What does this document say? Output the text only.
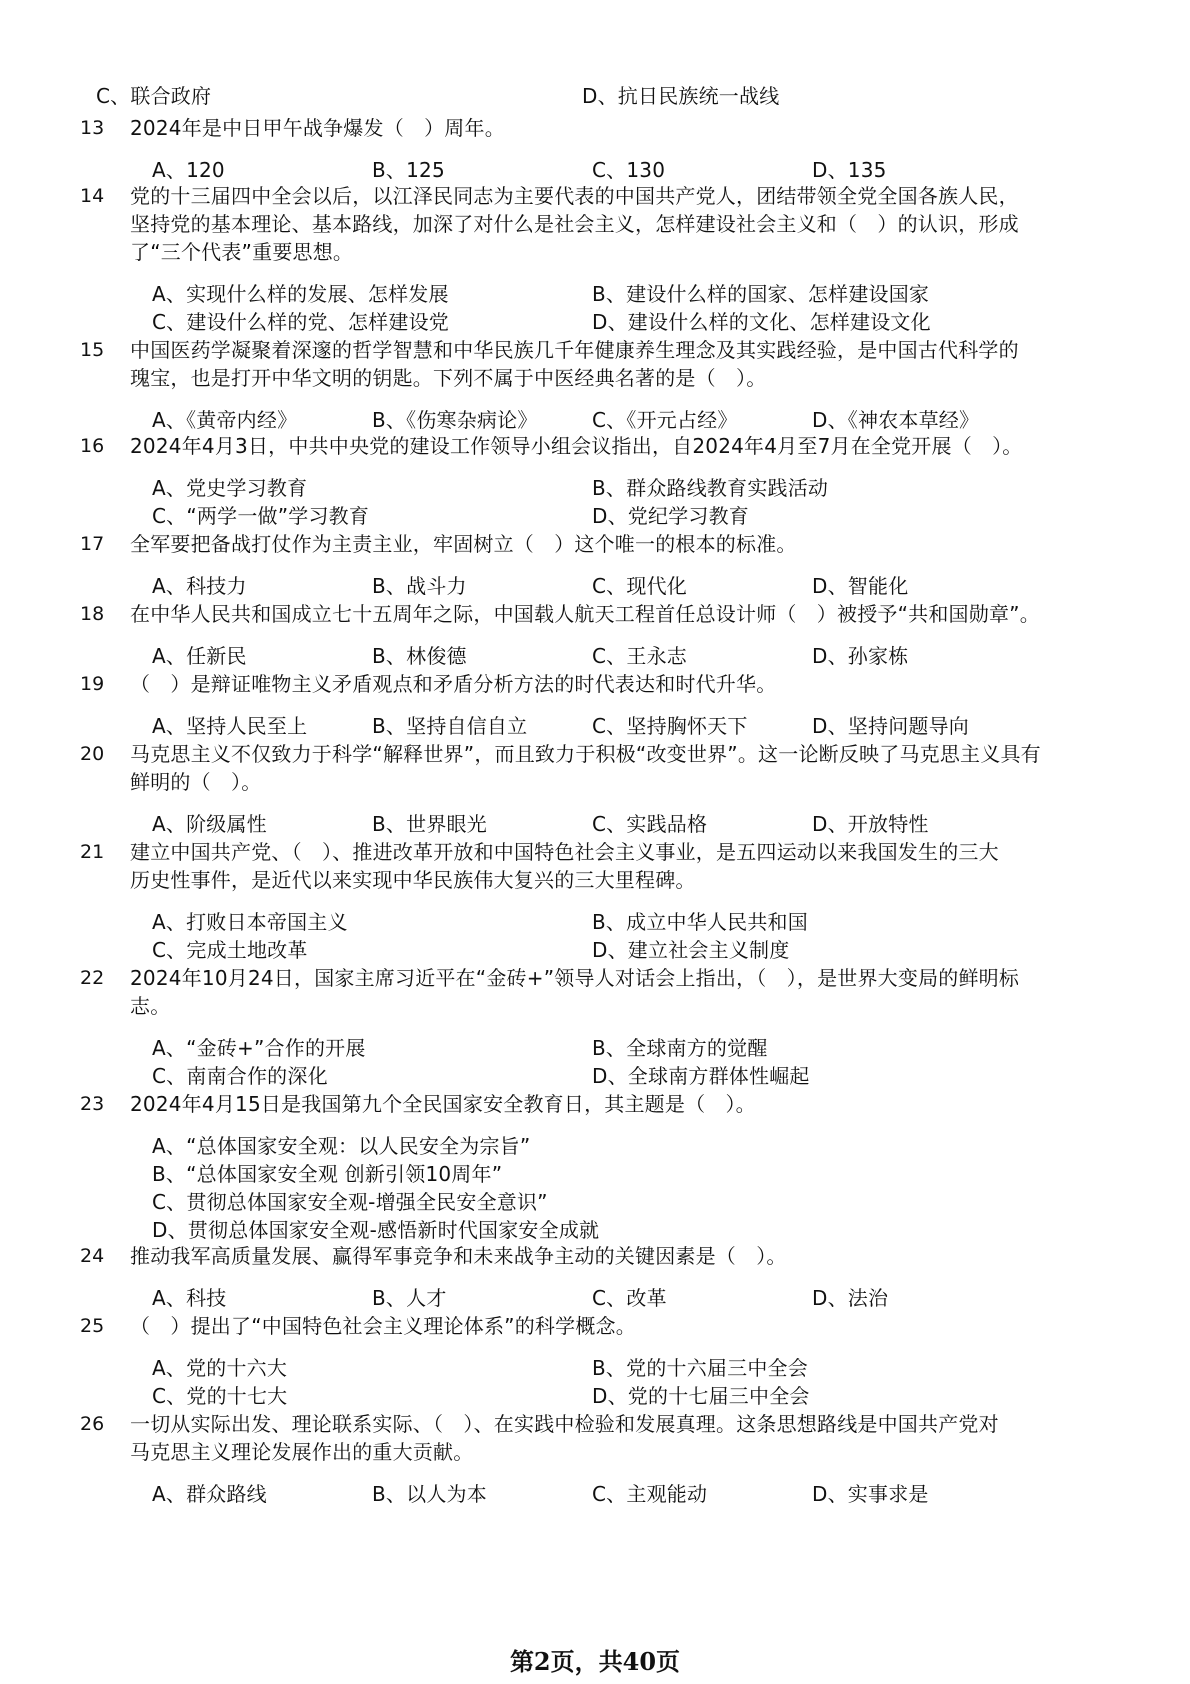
C、联合政府	D、抗日民族统一战线
13 2024年是中日甲午战争爆发（　）周年。
A、120	B、125	C、130	D、135
14 党的十三届四中全会以后，以江泽民同志为主要代表的中国共产党人，团结带领全党全国各族人民，
坚持党的基本理论、基本路线，加深了对什么是社会主义，怎样建设社会主义和（　）的认识，形成
了“三个代表”重要思想。
A、实现什么样的发展、怎样发展	B、建设什么样的国家、怎样建设国家
C、建设什么样的党、怎样建设党	D、建设什么样的文化、怎样建设文化
15 中国医药学凝聚着深邃的哲学智慧和中华民族几千年健康养生理念及其实践经验，是中国古代科学的
瑰宝，也是打开中华文明的钥匙。下列不属于中医经典名著的是（　）。
A、《黄帝内经》	B、《伤寒杂病论》	C、《开元占经》	D、《神农本草经》
16 2024年4月3日，中共中央党的建设工作领导小组会议指出，自2024年4月至7月在全党开展（　）。
A、党史学习教育	B、群众路线教育实践活动
C、“两学一做”学习教育	D、党纪学习教育
17 全军要把备战打仗作为主责主业，牢固树立（　）这个唯一的根本的标准。
A、科技力	B、战斗力	C、现代化	D、智能化
18 在中华人民共和国成立七十五周年之际，中国载人航天工程首任总设计师（　）被授予“共和国勋章”。
A、任新民	B、林俊德	C、王永志	D、孙家栋
19 （　）是辩证唯物主义矛盾观点和矛盾分析方法的时代表达和时代升华。
A、坚持人民至上	B、坚持自信自立	C、坚持胸怀天下	D、坚持问题导向
20 马克思主义不仅致力于科学“解释世界”，而且致力于积极“改变世界”。这一论断反映了马克思主义具有
鲜明的（　）。
A、阶级属性	B、世界眼光	C、实践品格	D、开放特性
21 建立中国共产党、（　）、推进改革开放和中国特色社会主义事业，是五四运动以来我国发生的三大
历史性事件，是近代以来实现中华民族伟大复兴的三大里程碑。
A、打败日本帝国主义	B、成立中华人民共和国
C、完成土地改革	D、建立社会主义制度
22 2024年10月24日，国家主席习近平在“金砖+”领导人对话会上指出，（　），是世界大变局的鲜明标
志。
A、“金砖+”合作的开展	B、全球南方的觉醒
C、南南合作的深化	D、全球南方群体性崛起
23 2024年4月15日是我国第九个全民国家安全教育日，其主题是（　）。
A、“总体国家安全观：以人民安全为宗旨”
B、“总体国家安全观 创新引领10周年”
C、贯彻总体国家安全观-增强全民安全意识”
D、贯彻总体国家安全观-感悟新时代国家安全成就
24 推动我军高质量发展、赢得军事竞争和未来战争主动的关键因素是（　）。
A、科技	B、人才	C、改革	D、法治
25 （　）提出了“中国特色社会主义理论体系”的科学概念。
A、党的十六大	B、党的十六届三中全会
C、党的十七大	D、党的十七届三中全会
26 一切从实际出发、理论联系实际、（　）、在实践中检验和发展真理。这条思想路线是中国共产党对
马克思主义理论发展作出的重大贡献。
A、群众路线	B、以人为本	C、主观能动	D、实事求是
第2页，共40页
